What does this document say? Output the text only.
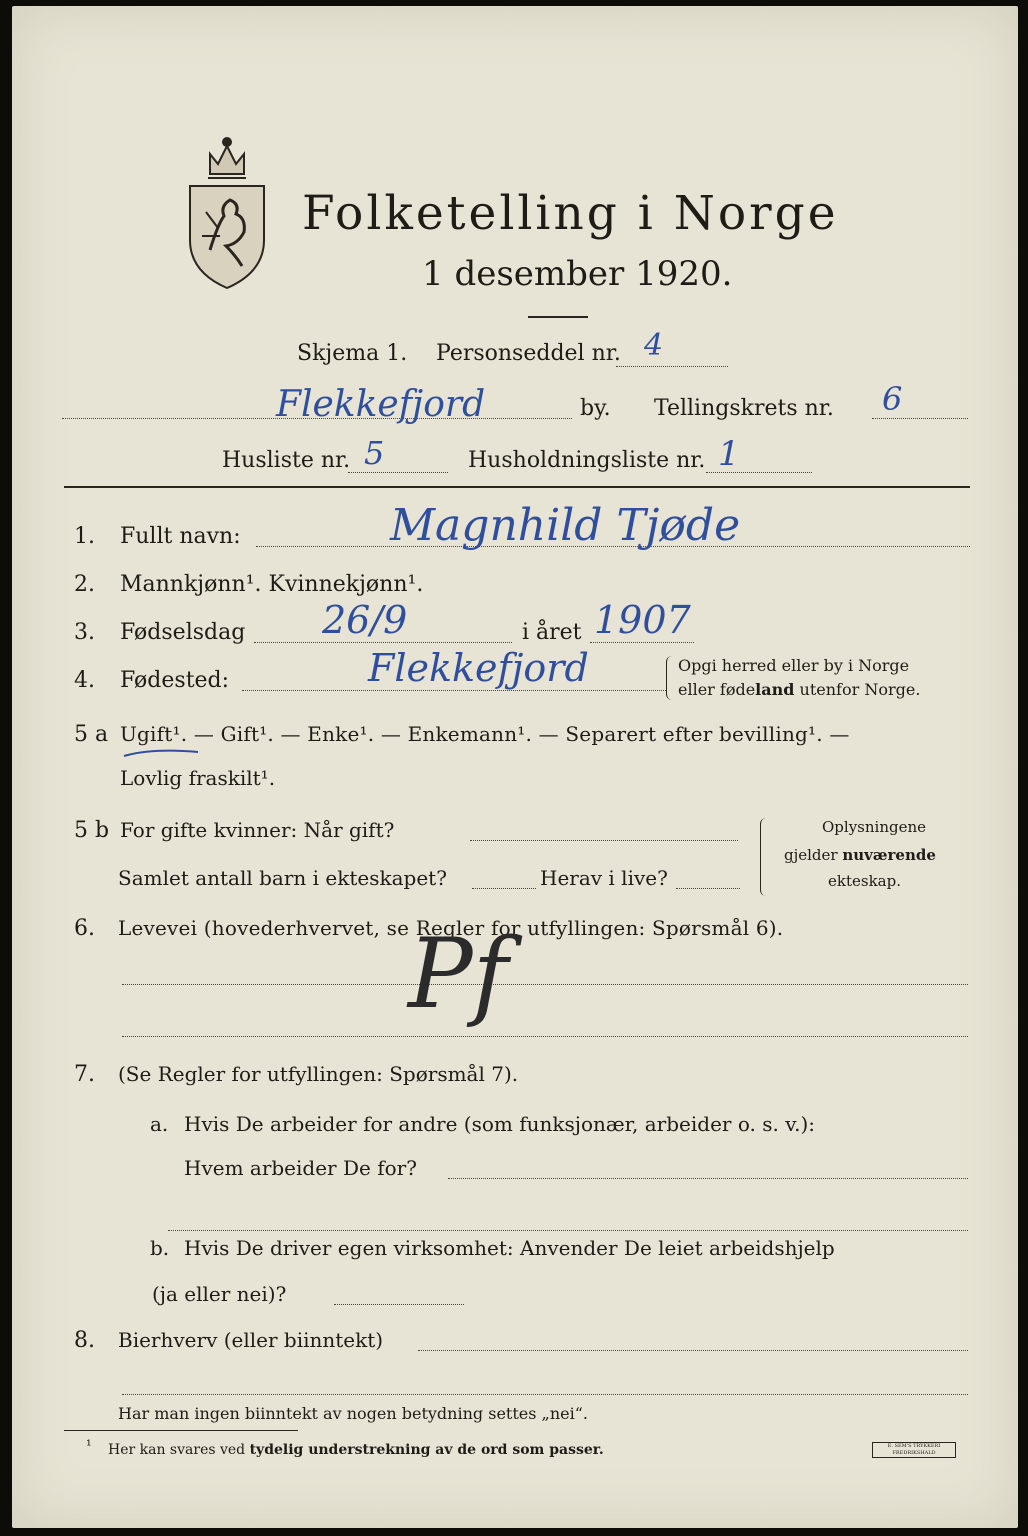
Folketelling i Norge
1 desember 1920.
Skjema 1. Personseddel nr. 4
Flekkefjord	by. Tellingskrets nr. 6
Husliste nr. 5	Husholdningsliste nr. 1
1. Fullt navn:	Magnhild Tjøde
2. Mannkjønn¹. Kvinnekjønn¹.
3. Fødselsdag 26/9	i året 1907
4. Fødested:	Flekkefjord	Opgi herred eller by i Norge
eller fødeland utenfor Norge.
5 a Ugift¹. — Gift¹. — Enke¹. — Enkemann¹. — Separert efter bevilling¹. —
Lovlig fraskilt¹.
5 b For gifte kvinner: Når gift?
Samlet antall barn i ekteskapet?	Herav i live?
Oplysningene
gjelder nuværende
ekteskap.
6. Levevei (hovederhvervet, se Regler for utfyllingen: Spørsmål 6).
Pf
7. (Se Regler for utfyllingen: Spørsmål 7).
a. Hvis De arbeider for andre (som funksjonær, arbeider o. s. v.):
Hvem arbeider De for?
b. Hvis De driver egen virksomhet: Anvender De leiet arbeidshjelp
(ja eller nei)?
8. Bierhverv (eller biinntekt)
Har man ingen biinntekt av nogen betydning settes „nei“.
¹ Her kan svares ved tydelig understrekning av de ord som passer.	E. SEM'S TRYKKERI FREDRIKSHALD
